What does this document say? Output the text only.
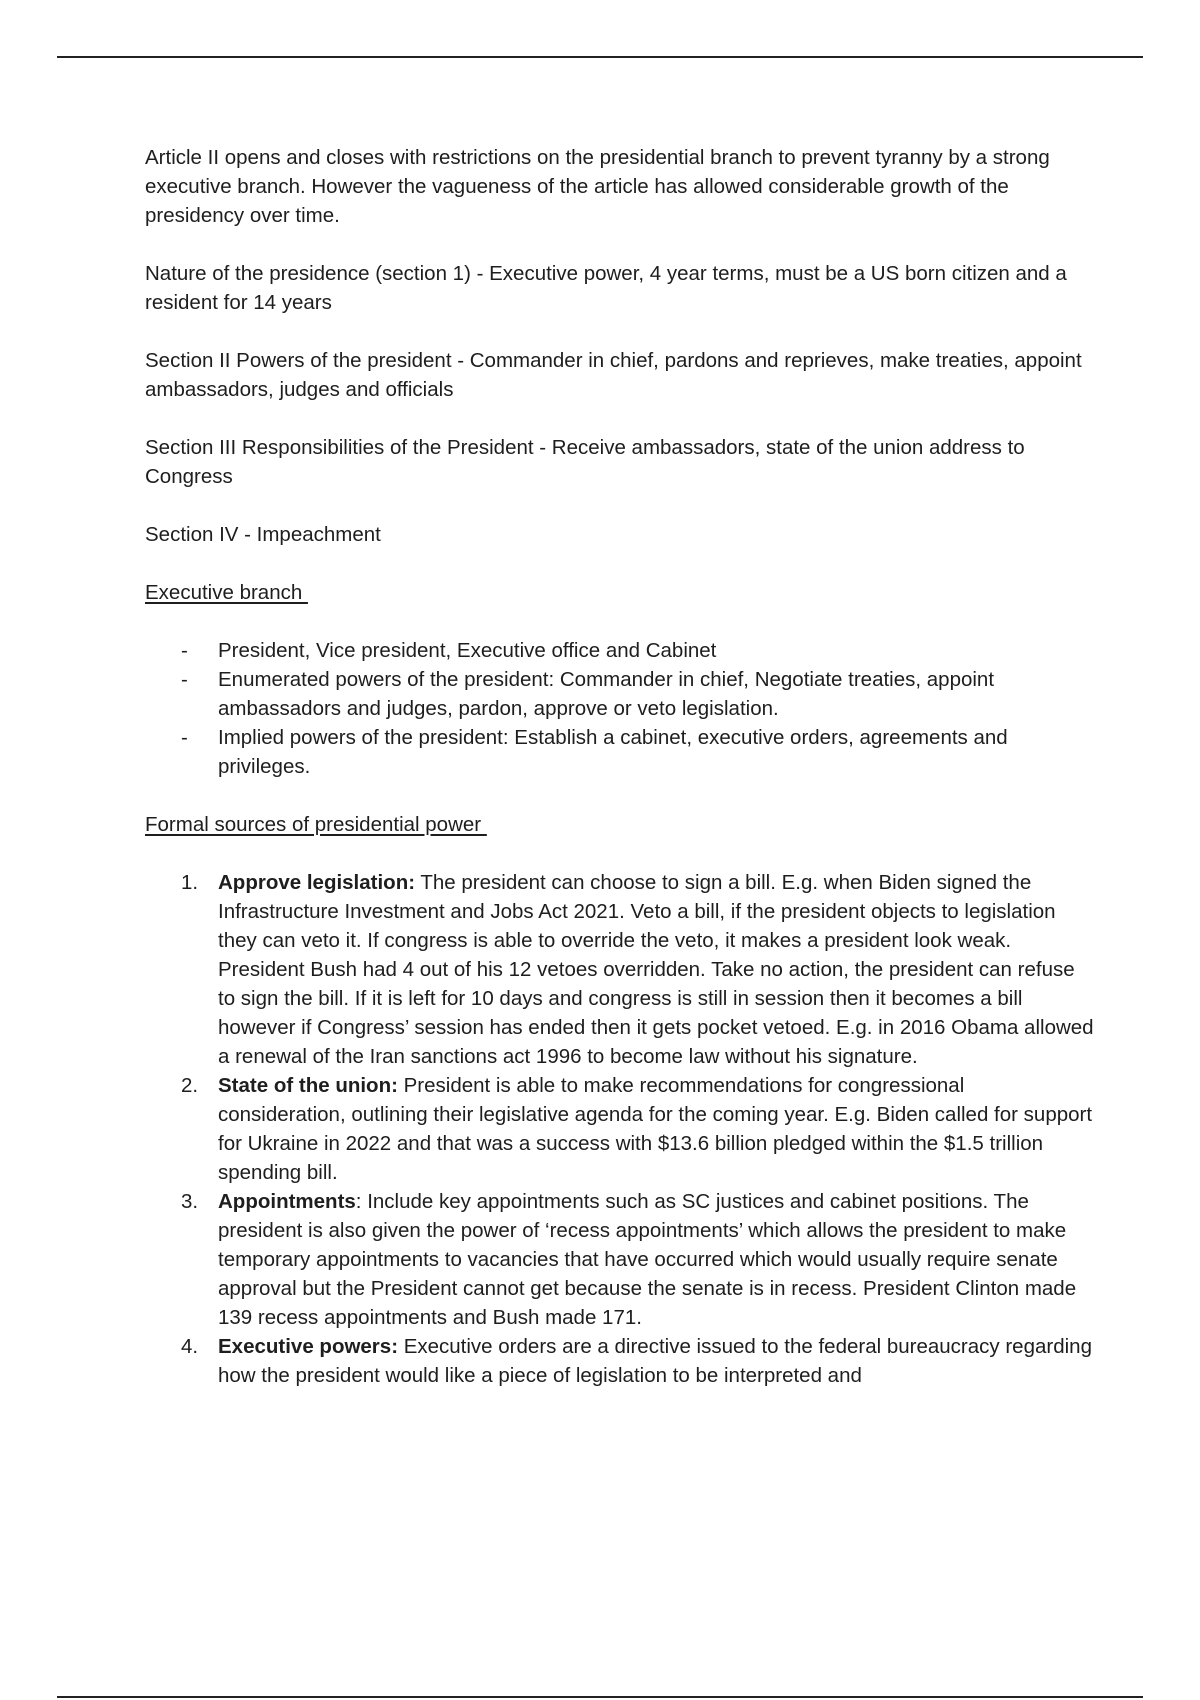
Article II opens and closes with restrictions on the presidential branch to prevent tyranny by a strong executive branch. However the vagueness of the article has allowed considerable growth of the presidency over time.

Nature of the presidence (section 1) - Executive power, 4 year terms, must be a US born citizen and a resident for 14 years

Section II Powers of the president - Commander in chief, pardons and reprieves, make treaties, appoint ambassadors, judges and officials

Section III Responsibilities of the President - Receive ambassadors, state of the union address to Congress

Section IV - Impeachment

Executive branch

- President, Vice president, Executive office and Cabinet
- Enumerated powers of the president: Commander in chief, Negotiate treaties, appoint ambassadors and judges, pardon, approve or veto legislation.
- Implied powers of the president: Establish a cabinet, executive orders, agreements and privileges.

Formal sources of presidential power

1. Approve legislation: The president can choose to sign a bill. E.g. when Biden signed the Infrastructure Investment and Jobs Act 2021. Veto a bill, if the president objects to legislation they can veto it. If congress is able to override the veto, it makes a president look weak. President Bush had 4 out of his 12 vetoes overridden. Take no action, the president can refuse to sign the bill. If it is left for 10 days and congress is still in session then it becomes a bill however if Congress’ session has ended then it gets pocket vetoed. E.g. in 2016 Obama allowed a renewal of the Iran sanctions act 1996 to become law without his signature.
2. State of the union: President is able to make recommendations for congressional consideration, outlining their legislative agenda for the coming year. E.g. Biden called for support for Ukraine in 2022 and that was a success with $13.6 billion pledged within the $1.5 trillion spending bill.
3. Appointments: Include key appointments such as SC justices and cabinet positions. The president is also given the power of ‘recess appointments’ which allows the president to make temporary appointments to vacancies that have occurred which would usually require senate approval but the President cannot get because the senate is in recess. President Clinton made 139 recess appointments and Bush made 171.
4. Executive powers: Executive orders are a directive issued to the federal bureaucracy regarding how the president would like a piece of legislation to be interpreted and
